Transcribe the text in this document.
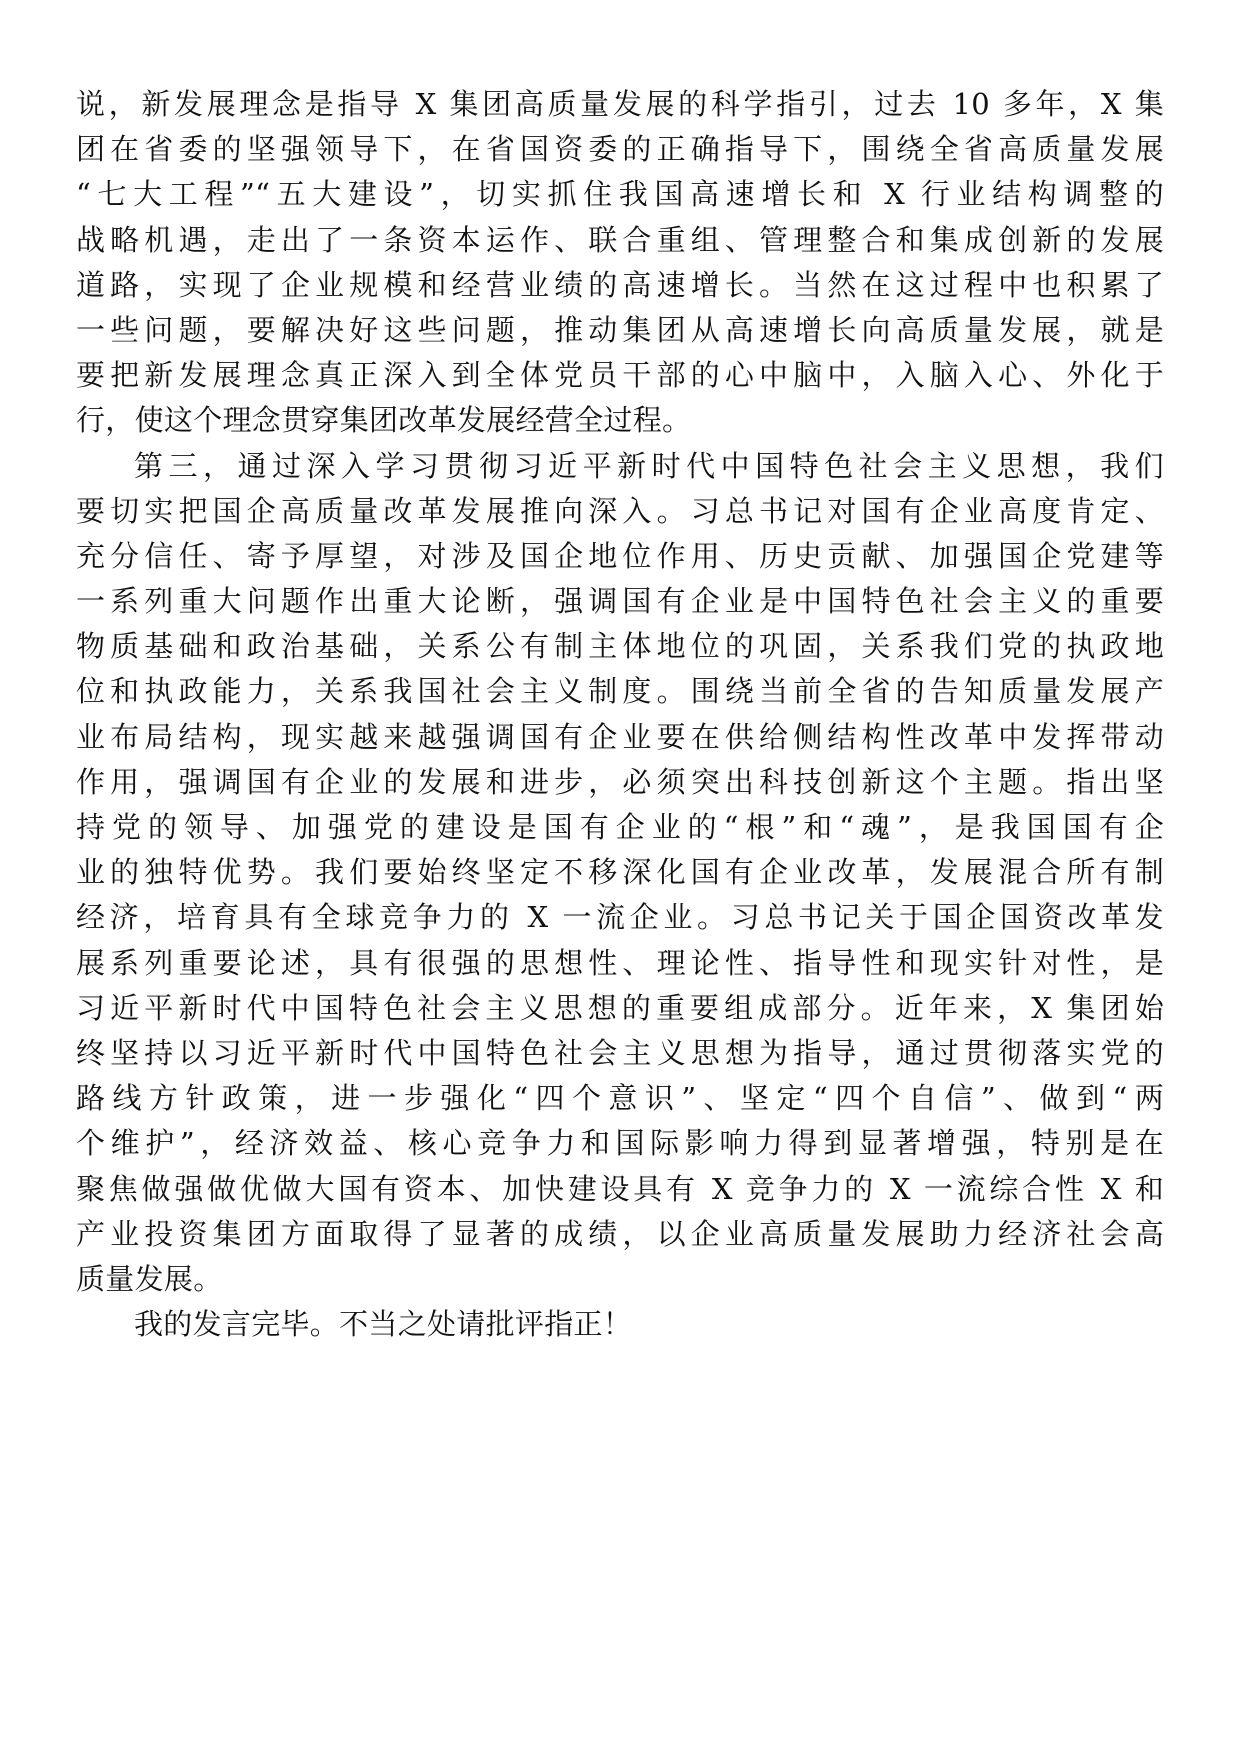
说，新发展理念是指导 X 集团高质量发展的科学指引，过去 10 多年，X 集
团在省委的坚强领导下，在省国资委的正确指导下，围绕全省高质量发展
“七大工程”“五大建设”，切实抓住我国高速增长和 X 行业结构调整的
战略机遇，走出了一条资本运作、联合重组、管理整合和集成创新的发展
道路，实现了企业规模和经营业绩的高速增长。当然在这过程中也积累了
一些问题，要解决好这些问题，推动集团从高速增长向高质量发展，就是
要把新发展理念真正深入到全体党员干部的心中脑中，入脑入心、外化于
行，使这个理念贯穿集团改革发展经营全过程。
第三，通过深入学习贯彻习近平新时代中国特色社会主义思想，我们
要切实把国企高质量改革发展推向深入。习总书记对国有企业高度肯定、
充分信任、寄予厚望，对涉及国企地位作用、历史贡献、加强国企党建等
一系列重大问题作出重大论断，强调国有企业是中国特色社会主义的重要
物质基础和政治基础，关系公有制主体地位的巩固，关系我们党的执政地
位和执政能力，关系我国社会主义制度。围绕当前全省的告知质量发展产
业布局结构，现实越来越强调国有企业要在供给侧结构性改革中发挥带动
作用，强调国有企业的发展和进步，必须突出科技创新这个主题。指出坚
持党的领导、加强党的建设是国有企业的“根”和“魂”，是我国国有企
业的独特优势。我们要始终坚定不移深化国有企业改革，发展混合所有制
经济，培育具有全球竞争力的 X 一流企业。习总书记关于国企国资改革发
展系列重要论述，具有很强的思想性、理论性、指导性和现实针对性，是
习近平新时代中国特色社会主义思想的重要组成部分。近年来，X 集团始
终坚持以习近平新时代中国特色社会主义思想为指导，通过贯彻落实党的
路线方针政策，进一步强化“四个意识”、坚定“四个自信”、做到“两
个维护”，经济效益、核心竞争力和国际影响力得到显著增强，特别是在
聚焦做强做优做大国有资本、加快建设具有 X 竞争力的 X 一流综合性 X 和
产业投资集团方面取得了显著的成绩，以企业高质量发展助力经济社会高
质量发展。
我的发言完毕。不当之处请批评指正！
